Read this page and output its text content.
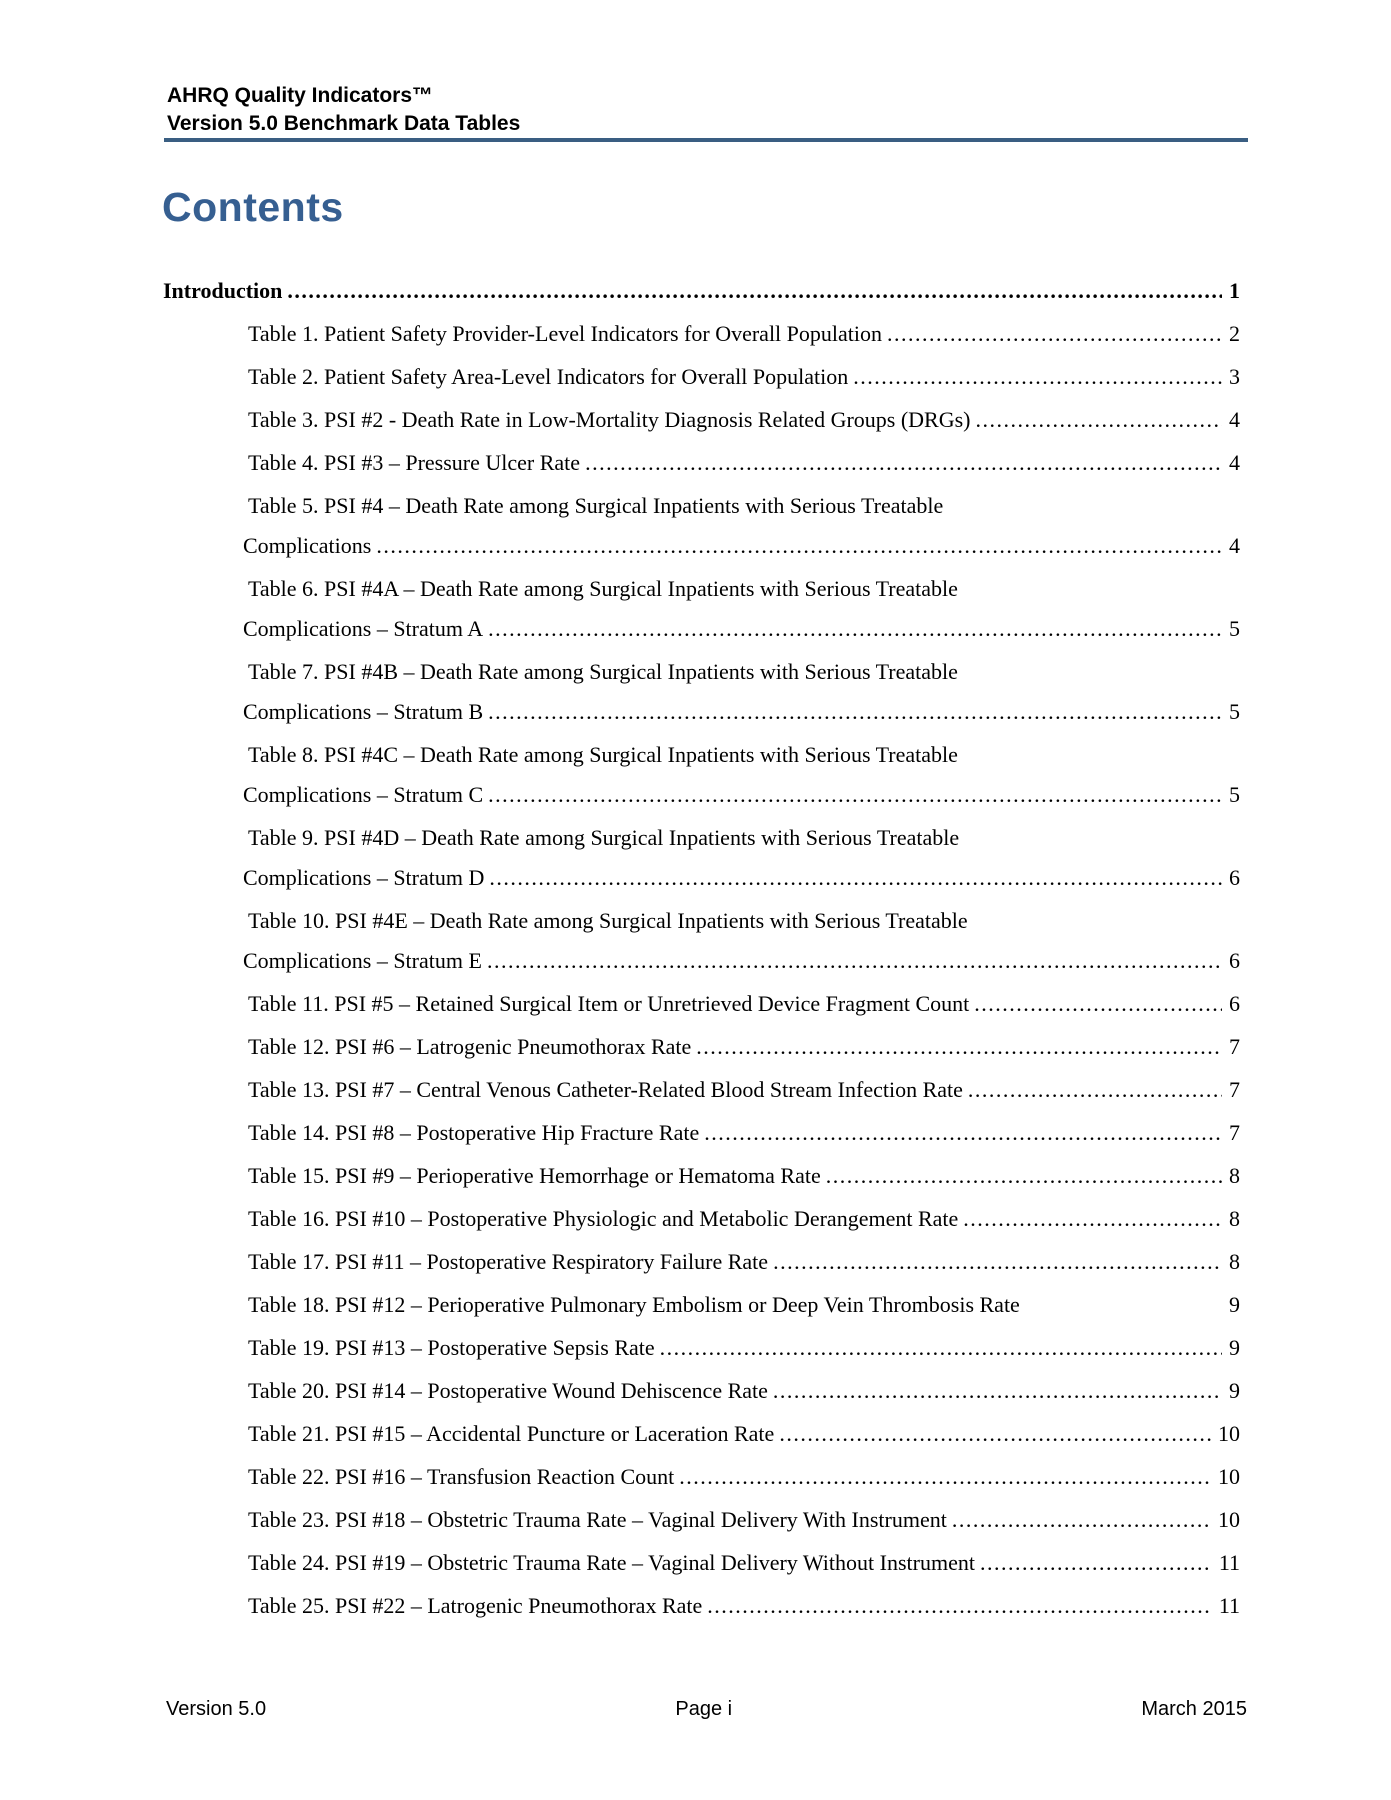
AHRQ Quality Indicators™
Version 5.0 Benchmark Data Tables
Contents
Introduction .....	1
Table 1. Patient Safety Provider-Level Indicators for Overall Population .....	2
Table 2. Patient Safety Area-Level Indicators for Overall Population .....	3
Table 3. PSI #2 - Death Rate in Low-Mortality Diagnosis Related Groups (DRGs) .....	4
Table 4. PSI #3 – Pressure Ulcer Rate .....	4
Table 5. PSI #4 – Death Rate among Surgical Inpatients with Serious Treatable
Complications .....	4
Table 6. PSI #4A – Death Rate among Surgical Inpatients with Serious Treatable
Complications – Stratum A .....	5
Table 7. PSI #4B – Death Rate among Surgical Inpatients with Serious Treatable
Complications – Stratum B .....	5
Table 8. PSI #4C – Death Rate among Surgical Inpatients with Serious Treatable
Complications – Stratum C .....	5
Table 9. PSI #4D – Death Rate among Surgical Inpatients with Serious Treatable
Complications – Stratum D .....	6
Table 10. PSI #4E – Death Rate among Surgical Inpatients with Serious Treatable
Complications – Stratum E .....	6
Table 11. PSI #5 – Retained Surgical Item or Unretrieved Device Fragment Count .....	6
Table 12. PSI #6 – Latrogenic Pneumothorax Rate .....	7
Table 13. PSI #7 – Central Venous Catheter-Related Blood Stream Infection Rate .....	7
Table 14. PSI #8 – Postoperative Hip Fracture Rate .....	7
Table 15. PSI #9 – Perioperative Hemorrhage or Hematoma Rate .....	8
Table 16. PSI #10 – Postoperative Physiologic and Metabolic Derangement Rate .....	8
Table 17. PSI #11 – Postoperative Respiratory Failure Rate .....	8
Table 18. PSI #12 – Perioperative Pulmonary Embolism or Deep Vein Thrombosis Rate	9
Table 19. PSI #13 – Postoperative Sepsis Rate .....	9
Table 20. PSI #14 – Postoperative Wound Dehiscence Rate .....	9
Table 21. PSI #15 – Accidental Puncture or Laceration Rate .....	10
Table 22. PSI #16 – Transfusion Reaction Count .....	10
Table 23. PSI #18 – Obstetric Trauma Rate – Vaginal Delivery With Instrument .....	10
Table 24. PSI #19 – Obstetric Trauma Rate – Vaginal Delivery Without Instrument .....	11
Table 25. PSI #22 – Latrogenic Pneumothorax Rate .....	11
Version 5.0	Page i	March 2015
